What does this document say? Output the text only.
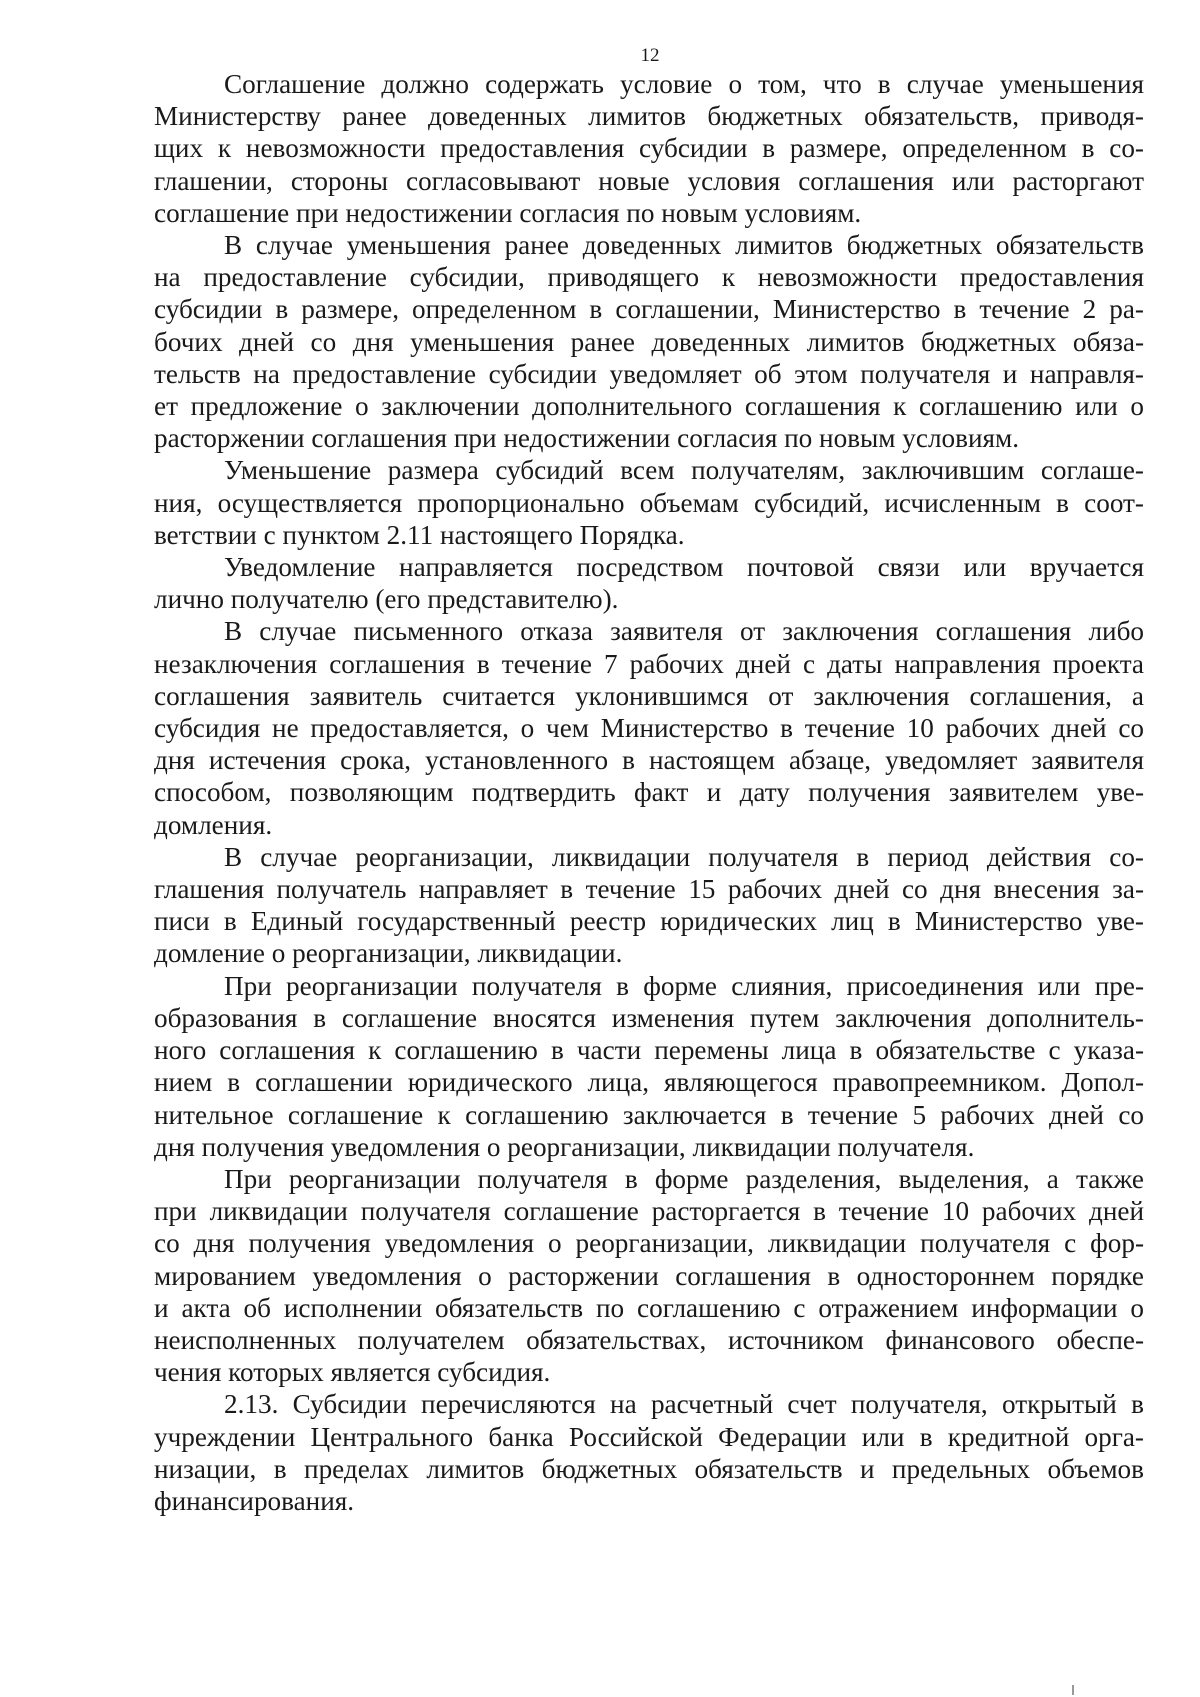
12
Соглашение должно содержать условие о том, что в случае уменьшения
Министерству ранее доведенных лимитов бюджетных обязательств, приводя-
щих к невозможности предоставления субсидии в размере, определенном в со-
глашении, стороны согласовывают новые условия соглашения или расторгают
соглашение при недостижении согласия по новым условиям.
В случае уменьшения ранее доведенных лимитов бюджетных обязательств
на предоставление субсидии, приводящего к невозможности предоставления
субсидии в размере, определенном в соглашении, Министерство в течение 2 ра-
бочих дней со дня уменьшения ранее доведенных лимитов бюджетных обяза-
тельств на предоставление субсидии уведомляет об этом получателя и направля-
ет предложение о заключении дополнительного соглашения к соглашению или о
расторжении соглашения при недостижении согласия по новым условиям.
Уменьшение размера субсидий всем получателям, заключившим соглаше-
ния, осуществляется пропорционально объемам субсидий, исчисленным в соот-
ветствии с пунктом 2.11 настоящего Порядка.
Уведомление направляется посредством почтовой связи или вручается
лично получателю (его представителю).
В случае письменного отказа заявителя от заключения соглашения либо
незаключения соглашения в течение 7 рабочих дней с даты направления проекта
соглашения заявитель считается уклонившимся от заключения соглашения, а
субсидия не предоставляется, о чем Министерство в течение 10 рабочих дней со
дня истечения срока, установленного в настоящем абзаце, уведомляет заявителя
способом, позволяющим подтвердить факт и дату получения заявителем уве-
домления.
В случае реорганизации, ликвидации получателя в период действия со-
глашения получатель направляет в течение 15 рабочих дней со дня внесения за-
писи в Единый государственный реестр юридических лиц в Министерство уве-
домление о реорганизации, ликвидации.
При реорганизации получателя в форме слияния, присоединения или пре-
образования в соглашение вносятся изменения путем заключения дополнитель-
ного соглашения к соглашению в части перемены лица в обязательстве с указа-
нием в соглашении юридического лица, являющегося правопреемником. Допол-
нительное соглашение к соглашению заключается в течение 5 рабочих дней со
дня получения уведомления о реорганизации, ликвидации получателя.
При реорганизации получателя в форме разделения, выделения, а также
при ликвидации получателя соглашение расторгается в течение 10 рабочих дней
со дня получения уведомления о реорганизации, ликвидации получателя с фор-
мированием уведомления о расторжении соглашения в одностороннем порядке
и акта об исполнении обязательств по соглашению с отражением информации о
неисполненных получателем обязательствах, источником финансового обеспе-
чения которых является субсидия.
2.13. Субсидии перечисляются на расчетный счет получателя, открытый в
учреждении Центрального банка Российской Федерации или в кредитной орга-
низации, в пределах лимитов бюджетных обязательств и предельных объемов
финансирования.
